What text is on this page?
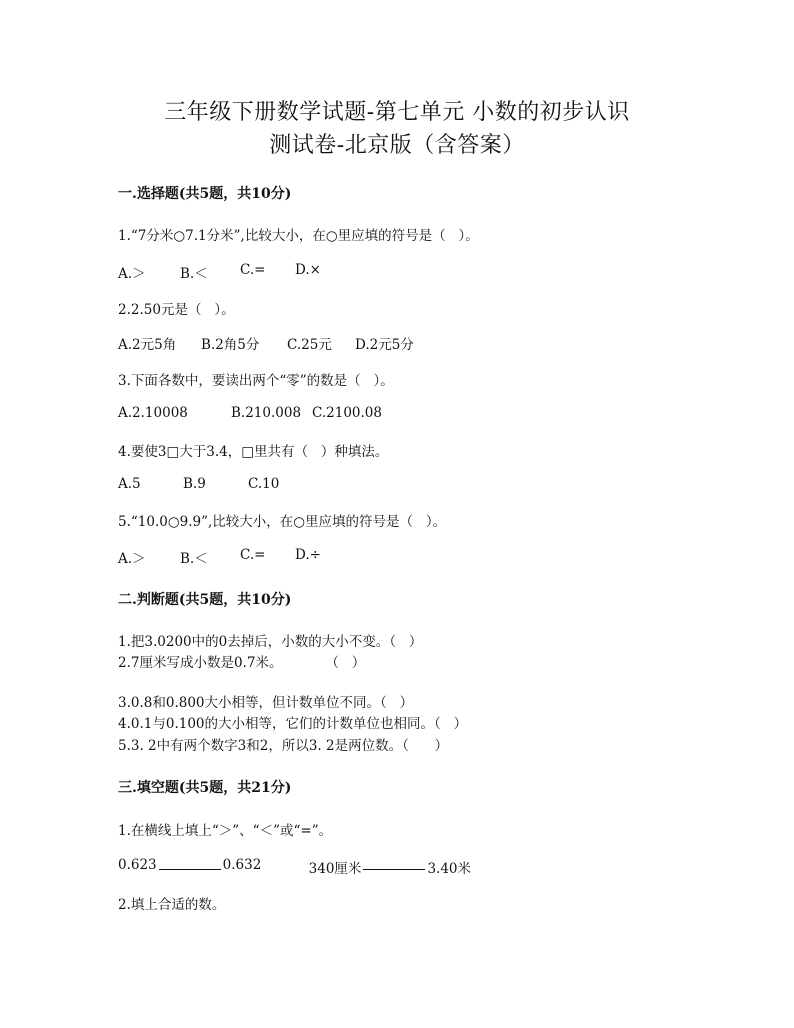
三年级下册数学试题-第七单元 小数的初步认识
测试卷-北京版（含答案）
一.选择题(共5题，共10分)
1.“7分米○7.1分米”,比较大小，在○里应填的符号是（   ）。
A.＞	B.＜	C.=	D.×
2.2.50元是（   ）。
A.2元5角	B.2角5分	C.25元	D.2元5分
3.下面各数中，要读出两个“零”的数是（   ）。
A.2.10008	B.210.008 C.2100.08
4.要使3□大于3.4，□里共有（   ）种填法。
A.5	B.9	C.10
5.“10.0○9.9”,比较大小，在○里应填的符号是（   ）。
A.＞	B.＜	C.=	D.÷
二.判断题(共5题，共10分)
1.把3.0200中的0去掉后，小数的大小不变。（   ）
2.7厘米写成小数是0.7米。          （   ）
3.0.8和0.800大小相等，但计数单位不同。（   ）
4.0.1与0.100的大小相等，它们的计数单位也相同。（   ）
5.3. 2中有两个数字3和2，所以3. 2是两位数。（      ）
三.填空题(共5题，共21分)
1.在横线上填上“＞”、“＜”或“=”。
0.623	0.632	340厘米	3.40米
2.填上合适的数。
